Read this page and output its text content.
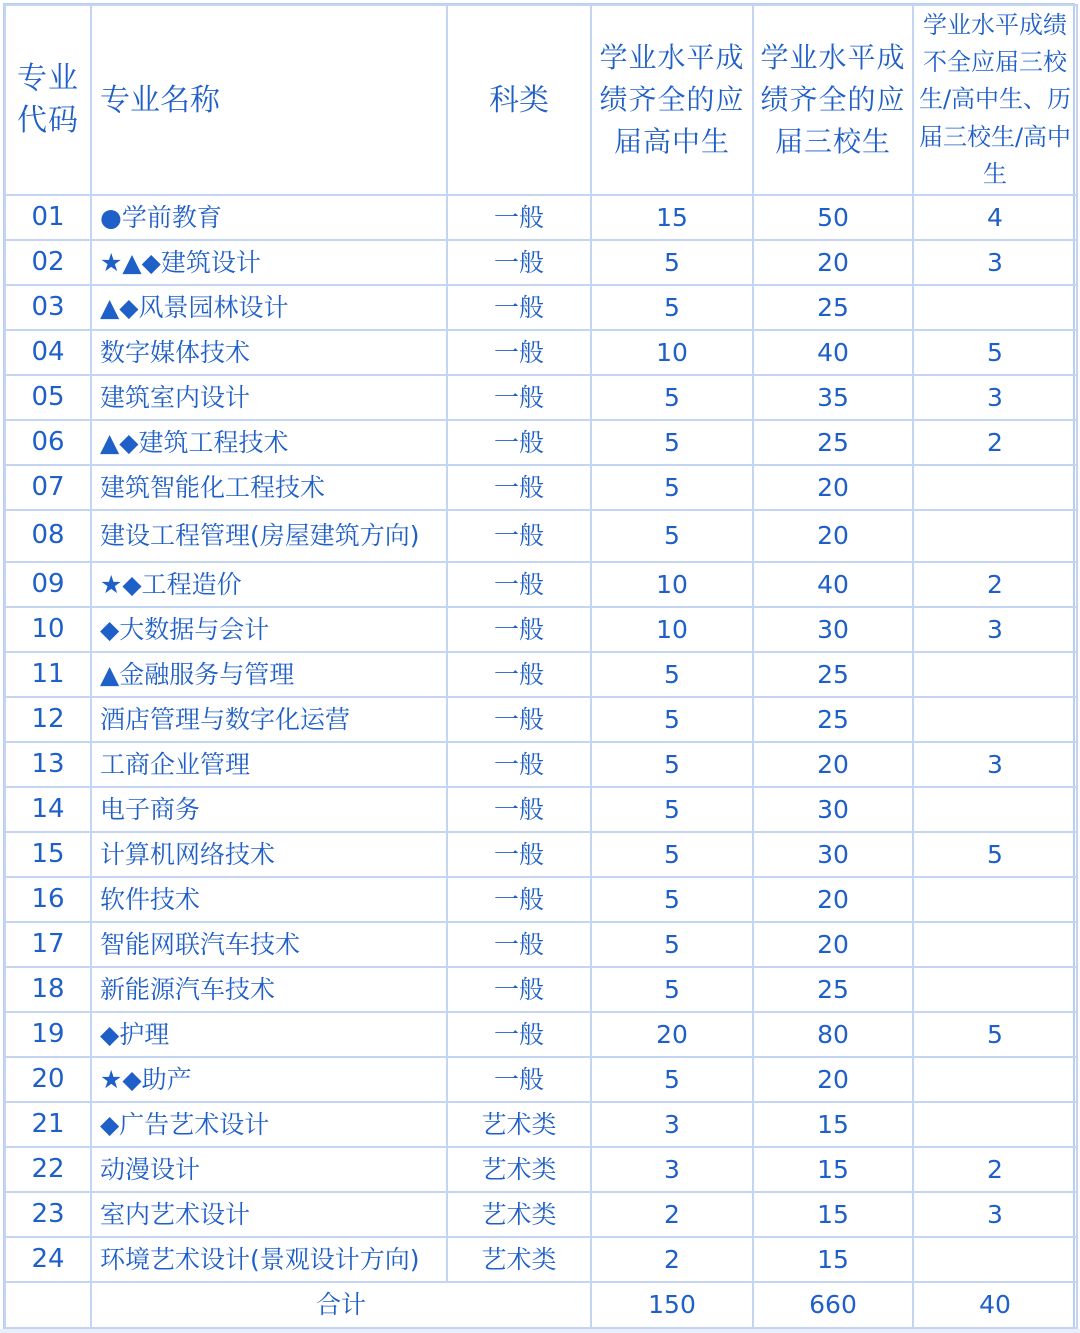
专业代码	专业名称	科类	学业水平成绩齐全的应届高中生	学业水平成绩齐全的应届三校生	学业水平成绩不全应届三校生/高中生、历届三校生/高中生
01	●学前教育	一般	15	50	4
02	★▲◆建筑设计	一般	5	20	3
03	▲◆风景园林设计	一般	5	25	
04	数字媒体技术	一般	10	40	5
05	建筑室内设计	一般	5	35	3
06	▲◆建筑工程技术	一般	5	25	2
07	建筑智能化工程技术	一般	5	20	
08	建设工程管理(房屋建筑方向)	一般	5	20	
09	★◆工程造价	一般	10	40	2
10	◆大数据与会计	一般	10	30	3
11	▲金融服务与管理	一般	5	25	
12	酒店管理与数字化运营	一般	5	25	
13	工商企业管理	一般	5	20	3
14	电子商务	一般	5	30	
15	计算机网络技术	一般	5	30	5
16	软件技术	一般	5	20	
17	智能网联汽车技术	一般	5	20	
18	新能源汽车技术	一般	5	25	
19	◆护理	一般	20	80	5
20	★◆助产	一般	5	20	
21	◆广告艺术设计	艺术类	3	15	
22	动漫设计	艺术类	3	15	2
23	室内艺术设计	艺术类	2	15	3
24	环境艺术设计(景观设计方向)	艺术类	2	15	
	合计		150	660	40
